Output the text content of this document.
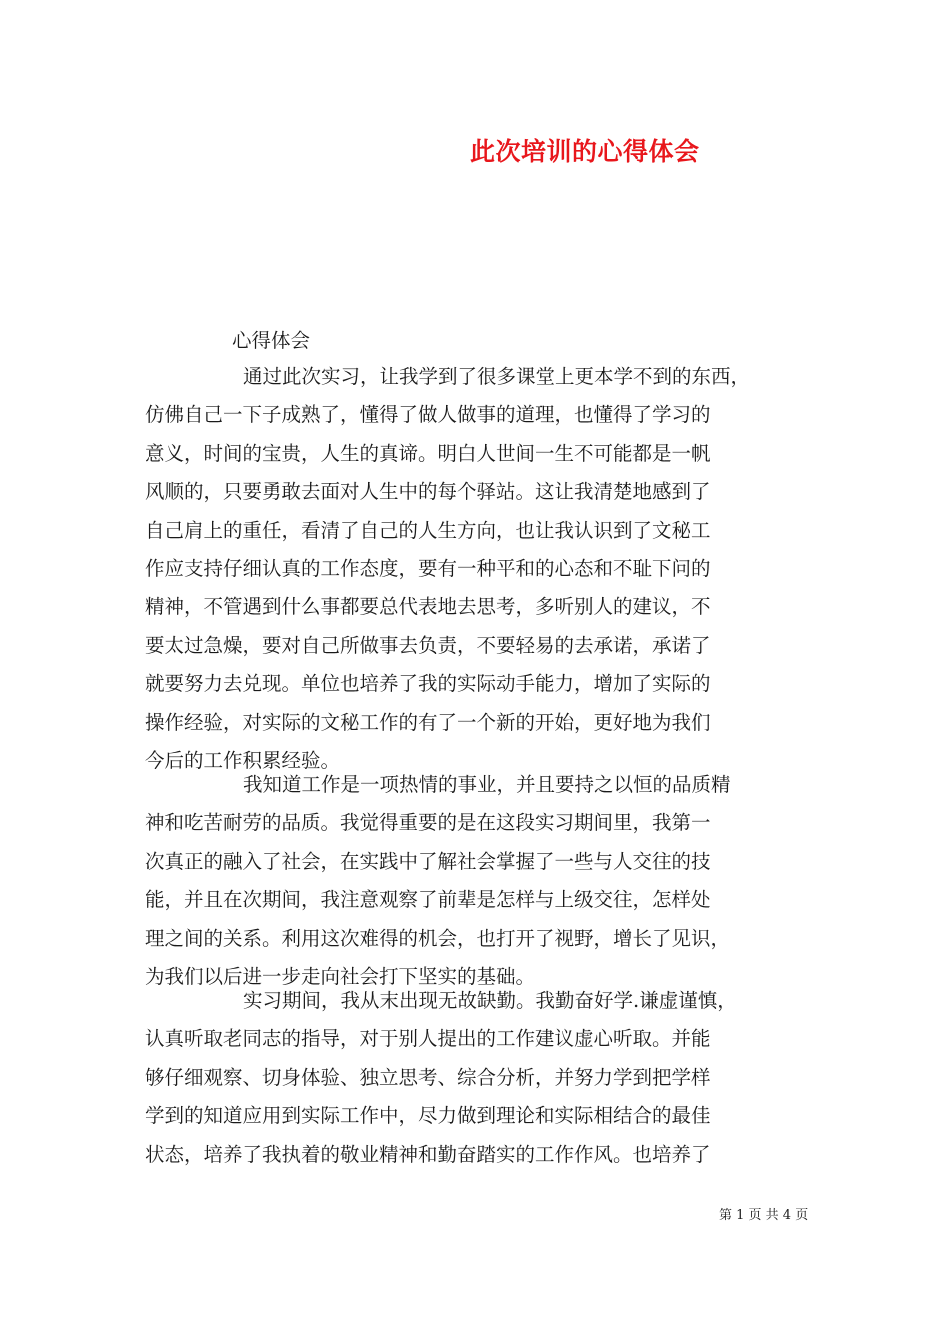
此次培训的心得体会
心得体会
通过此次实习，让我学到了很多课堂上更本学不到的东西，
仿佛自己一下子成熟了，懂得了做人做事的道理，也懂得了学习的
意义，时间的宝贵，人生的真谛。明白人世间一生不可能都是一帆
风顺的，只要勇敢去面对人生中的每个驿站。这让我清楚地感到了
自己肩上的重任，看清了自己的人生方向，也让我认识到了文秘工
作应支持仔细认真的工作态度，要有一种平和的心态和不耻下问的
精神，不管遇到什么事都要总代表地去思考，多听别人的建议，不
要太过急燥，要对自己所做事去负责，不要轻易的去承诺，承诺了
就要努力去兑现。单位也培养了我的实际动手能力，增加了实际的
操作经验，对实际的文秘工作的有了一个新的开始，更好地为我们
今后的工作积累经验。
我知道工作是一项热情的事业，并且要持之以恒的品质精
神和吃苦耐劳的品质。我觉得重要的是在这段实习期间里，我第一
次真正的融入了社会，在实践中了解社会掌握了一些与人交往的技
能，并且在次期间，我注意观察了前辈是怎样与上级交往，怎样处
理之间的关系。利用这次难得的机会，也打开了视野，增长了见识，
为我们以后进一步走向社会打下坚实的基础。
实习期间，我从末出现无故缺勤。我勤奋好学.谦虚谨慎，
认真听取老同志的指导，对于别人提出的工作建议虚心听取。并能
够仔细观察、切身体验、独立思考、综合分析，并努力学到把学样
学到的知道应用到实际工作中，尽力做到理论和实际相结合的最佳
状态，培养了我执着的敬业精神和勤奋踏实的工作作风。也培养了
第 1 页 共 4 页
